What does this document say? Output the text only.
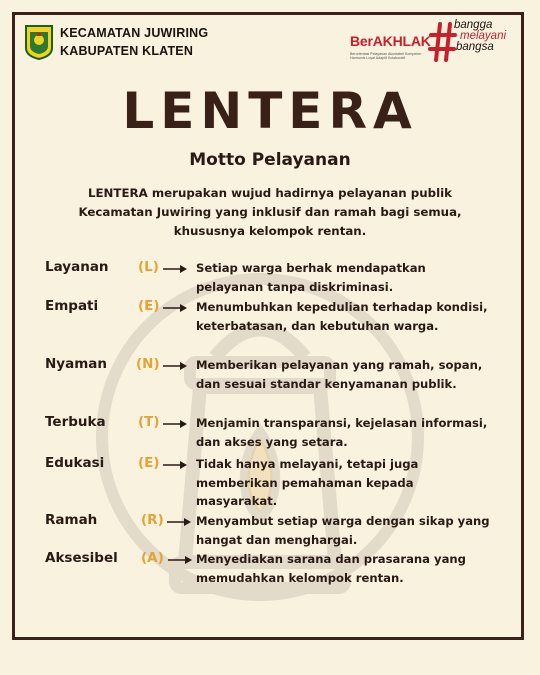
KECAMATAN JUWIRING
KABUPATEN KLATEN
BerAKHLAK
Berorientasi Pelayanan Akuntabel Kompeten Harmonis Loyal Adaptif Kolaboratif
bangga
melayani
bangsa
LENTERA
Motto Pelayanan
LENTERA merupakan wujud hadirnya pelayanan publik Kecamatan Juwiring yang inklusif dan ramah bagi semua, khususnya kelompok rentan.
Layanan (L)	Setiap warga berhak mendapatkan pelayanan tanpa diskriminasi.
Empati	(E)	Menumbuhkan kepedulian terhadap kondisi, keterbatasan, dan kebutuhan warga.
Nyaman (N)	Memberikan pelayanan yang ramah, sopan, dan sesuai standar kenyamanan publik.
Terbuka (T)	Menjamin transparansi, kejelasan informasi, dan akses yang setara.
Edukasi	(E)	Tidak hanya melayani, tetapi juga memberikan pemahaman kepada masyarakat.
Ramah	(R)	Menyambut setiap warga dengan sikap yang hangat dan menghargai.
Aksesibel (A)	Menyediakan sarana dan prasarana yang memudahkan kelompok rentan.
